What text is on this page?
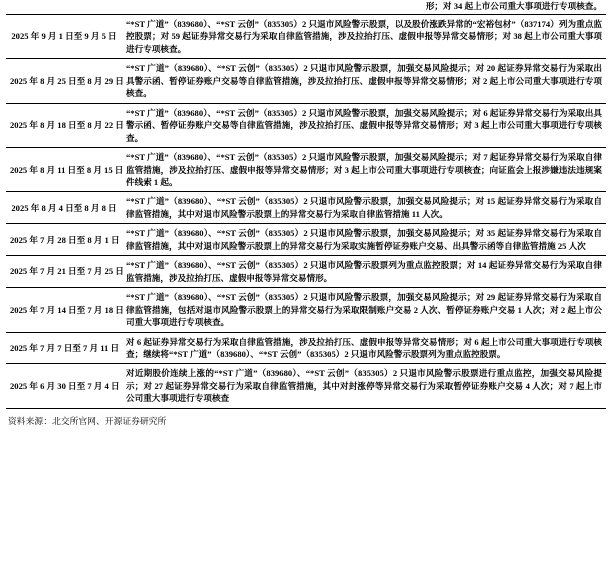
形；对 34 起上市公司重大事项进行专项核查。
2025 年 9 月 1 日至 9 月 5 日	“*ST 广道”（839680）、“*ST 云创”（835305）2 只退市风险警示股票，以及股价涨跌异常的“宏裕包材”（837174）列为重点监控股票；对 59 起证券异常交易行为采取自律监管措施，涉及拉抬打压、虚假申报等异常交易情形；对 38 起上市公司重大事项进行专项核查。
2025 年 8 月 25 日至 8 月 29 日	“*ST 广道”（839680）、“*ST 云创”（835305）2 只退市风险警示股票，加强交易风险提示；对 20 起证券异常交易行为采取出具警示函、暂停证券账户交易等自律监管措施，涉及拉抬打压、虚假申报等异常交易情形；对 2 起上市公司重大事项进行专项核查。
2025 年 8 月 18 日至 8 月 22 日	“*ST 广道”（839680）、“*ST 云创”（835305）2 只退市风险警示股票，加强交易风险提示；对 6 起证券异常交易行为采取出具警示函、暂停证券账户交易等自律监管措施，涉及拉抬打压、虚假申报等异常交易情形；对 3 起上市公司重大事项进行专项核查。
2025 年 8 月 11 日至 8 月 15 日	“*ST 广道”（839680）、“*ST 云创”（835305）2 只退市风险警示股票，加强交易风险提示；对 7 起证券异常交易行为采取自律监管措施，涉及拉抬打压、虚假申报等异常交易情形；对 3 起上市公司重大事项进行专项核查；向证监会上报涉嫌违法违规案件线索 1 起。
2025 年 8 月 4 日至 8 月 8 日	“*ST 广道”（839680）、“*ST 云创”（835305）2 只退市风险警示股票，加强交易风险提示；对 15 起证券异常交易行为采取自律监管措施，其中对退市风险警示股票上的异常交易行为采取自律监管措施 11 人次。
2025 年 7 月 28 日至 8 月 1 日	“*ST 广道”（839680）、“*ST 云创”（835305）2 只退市风险警示股票，加强交易风险提示；对 35 起证券异常交易行为采取自律监管措施，其中对退市风险警示股票上的异常交易行为采取实施暂停证券账户交易、出具警示函等自律监管措施 25 人次
2025 年 7 月 21 日至 7 月 25 日	“*ST 广道”（839680）、“*ST 云创”（835305）2 只退市风险警示股票列为重点监控股票；对 14 起证券异常交易行为采取自律监管措施，涉及拉抬打压、虚假申报等异常交易情形。
2025 年 7 月 14 日至 7 月 18 日	“*ST 广道”（839680）、“*ST 云创”（835305）2 只退市风险警示股票，加强交易风险提示；对 29 起证券异常交易行为采取自律监管措施，包括对退市风险警示股票上的异常交易行为采取限制账户交易 2 人次、暂停证券账户交易 1 人次；对 2 起上市公司重大事项进行专项核查。
2025 年 7 月 7 日至 7 月 11 日	对 6 起证券异常交易行为采取自律监管措施，涉及拉抬打压、虚假申报等异常交易情形；对 6 起上市公司重大事项进行专项核查；继续将“*ST 广道”（839680）、“*ST 云创”（835305）2 只退市风险警示股票列为重点监控股票。
2025 年 6 月 30 日至 7 月 4 日	对近期股价连续上涨的“*ST 广道”（839680）、“*ST 云创”（835305）2 只退市风险警示股票进行重点监控，加强交易风险提示；对 27 起证券异常交易行为采取自律监管措施，其中对封涨停等异常交易行为采取暂停证券账户交易 4 人次；对 7 起上市公司重大事项进行专项核查
资料来源：北交所官网、开源证券研究所
